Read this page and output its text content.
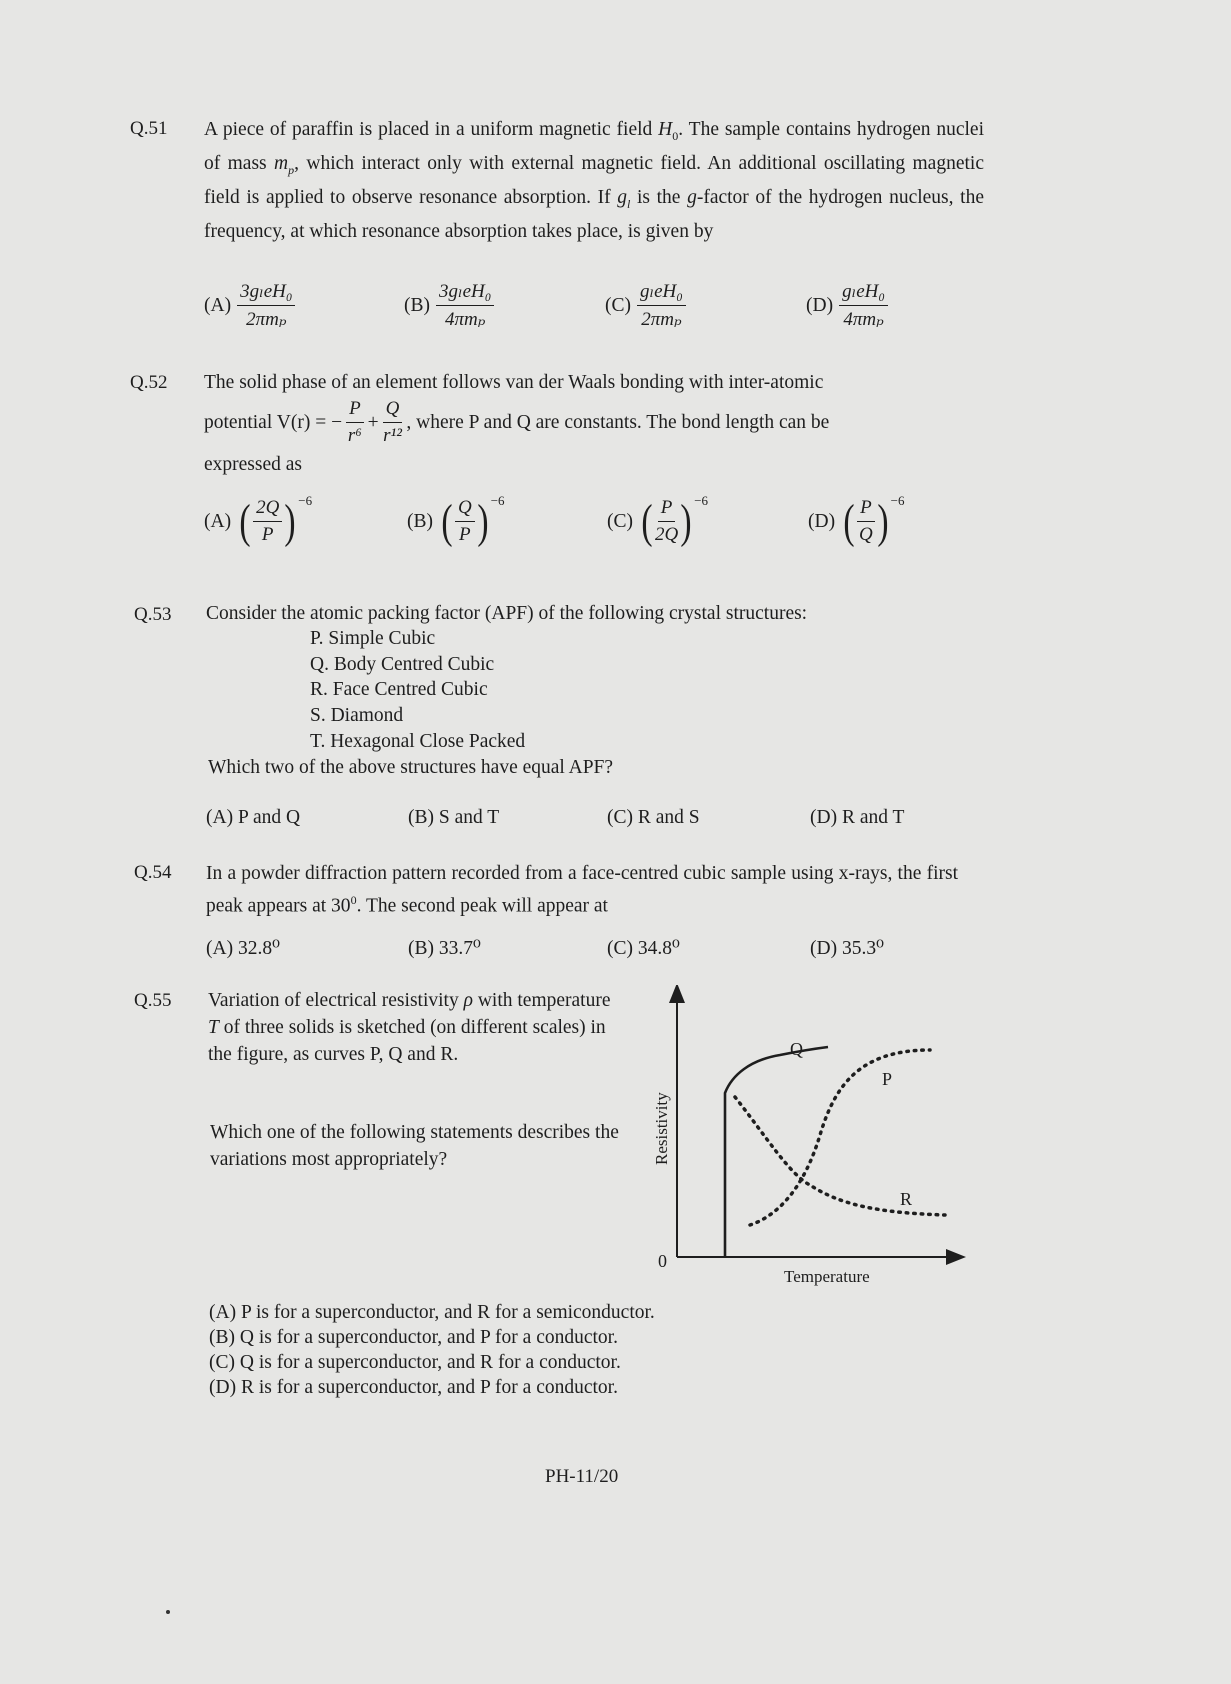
Q.51 A piece of paraffin is placed in a uniform magnetic field $H_0$. The sample contains hydrogen nuclei of mass $m_p$, which interact only with external magnetic field. An additional oscillating magnetic field is applied to observe resonance absorption. If $g_l$ is the g-factor of the hydrogen nucleus, the frequency, at which resonance absorption takes place, is given by
$(A) \frac{\text{3gₗeH₀}}{\text{2πmₚ}}$	$(B) \frac{\text{3gₗeH₀}}{\text{4πmₚ}}$	$(C) \frac{\text{gₗeH₀}}{\text{2πmₚ}}$	$(D) \frac{\text{gₗeH₀}}{\text{4πmₚ}}$
Q.52 The solid phase of an element follows van der Waals bonding with inter-atomic
potential V(r) = − $\frac{P}{\text{r⁶}} + \frac{Q}{\text{r¹²}}$ , where P and Q are constants. The bond length can be
expressed as
(A) ( $\frac{2Q}{P}$ ) −6
(B) ( $\frac{Q}{P}$ ) −6
(C) ( $\frac{P}{2Q}$ ) −6
(D) ( $\frac{P}{Q}$ ) −6
Q.53 Consider the atomic packing factor (APF) of the following crystal structures:
P. Simple Cubic
Q. Body Centred Cubic
R. Face Centred Cubic
S. Diamond
T. Hexagonal Close Packed
Which two of the above structures have equal APF?
(A) P and Q	(B) S and T	(C) R and S	(D) R and T
Q.54 In a powder diffraction pattern recorded from a face-centred cubic sample using x-rays, the first peak appears at $30^0$. The second peak will appear at
(A) 32.8⁰	(B) 33.7⁰	(C) 34.8⁰	(D) 35.3⁰
Q.55 Variation of electrical resistivity ρ with temperature T of three solids is sketched (on different scales) in the figure, as curves P, Q and R.
Which one of the following statements describes the variations most appropriately?
Q
P
R
0
Temperature
Resistivity
(A) P is for a superconductor, and R for a semiconductor.
(B) Q is for a superconductor, and P for a conductor.
(C) Q is for a superconductor, and R for a conductor.
(D) R is for a superconductor, and P for a conductor.
PH-11/20
